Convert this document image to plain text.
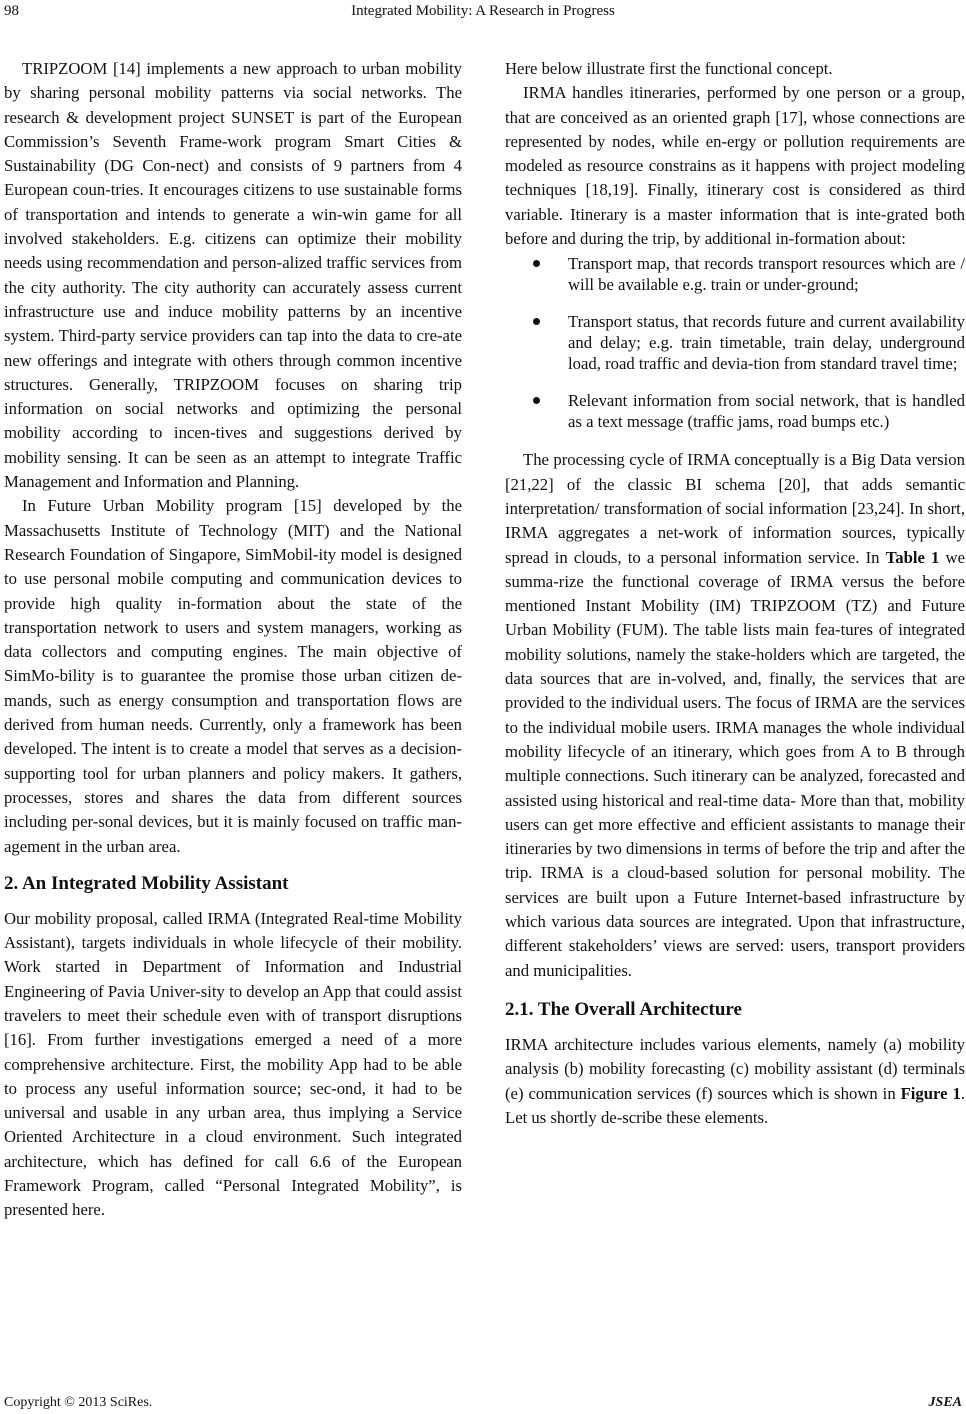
98	Integrated Mobility: A Research in Progress

TRIPZOOM [14] implements a new approach to urban mobility by sharing personal mobility patterns via social networks. The research & development project SUNSET is part of the European Commission’s Seventh Frame-work program Smart Cities & Sustainability (DG Con-nect) and consists of 9 partners from 4 European coun-tries. It encourages citizens to use sustainable forms of transportation and intends to generate a win-win game for all involved stakeholders. E.g. citizens can optimize their mobility needs using recommendation and person-alized traffic services from the city authority. The city authority can accurately assess current infrastructure use and induce mobility patterns by an incentive system. Third-party service providers can tap into the data to cre-ate new offerings and integrate with others through common incentive structures. Generally, TRIPZOOM focuses on sharing trip information on social networks and optimizing the personal mobility according to incen-tives and suggestions derived by mobility sensing. It can be seen as an attempt to integrate Traffic Management and Information and Planning.

In Future Urban Mobility program [15] developed by the Massachusetts Institute of Technology (MIT) and the National Research Foundation of Singapore, SimMobil-ity model is designed to use personal mobile computing and communication devices to provide high quality in-formation about the state of the transportation network to users and system managers, working as data collectors and computing engines. The main objective of SimMo-bility is to guarantee the promise those urban citizen de-mands, such as energy consumption and transportation flows are derived from human needs. Currently, only a framework has been developed. The intent is to create a model that serves as a decision-supporting tool for urban planners and policy makers. It gathers, processes, stores and shares the data from different sources including per-sonal devices, but it is mainly focused on traffic man-agement in the urban area.

2. An Integrated Mobility Assistant

Our mobility proposal, called IRMA (Integrated Real-time Mobility Assistant), targets individuals in whole lifecycle of their mobility. Work started in Department of Information and Industrial Engineering of Pavia Univer-sity to develop an App that could assist travelers to meet their schedule even with of transport disruptions [16]. From further investigations emerged a need of a more comprehensive architecture. First, the mobility App had to be able to process any useful information source; sec-ond, it had to be universal and usable in any urban area, thus implying a Service Oriented Architecture in a cloud environment. Such integrated architecture, which has defined for call 6.6 of the European Framework Program, called “Personal Integrated Mobility”, is presented here.

Here below illustrate first the functional concept.

IRMA handles itineraries, performed by one person or a group, that are conceived as an oriented graph [17], whose connections are represented by nodes, while en-ergy or pollution requirements are modeled as resource constrains as it happens with project modeling techniques [18,19]. Finally, itinerary cost is considered as third variable. Itinerary is a master information that is inte-grated both before and during the trip, by additional in-formation about:

Transport map, that records transport resources which are / will be available e.g. train or under-ground;
Transport status, that records future and current availability and delay; e.g. train timetable, train delay, underground load, road traffic and devia-tion from standard travel time;
Relevant information from social network, that is handled as a text message (traffic jams, road bumps etc.)

The processing cycle of IRMA conceptually is a Big Data version [21,22] of the classic BI schema [20], that adds semantic interpretation/ transformation of social information [23,24]. In short, IRMA aggregates a net-work of information sources, typically spread in clouds, to a personal information service. In Table 1 we summa-rize the functional coverage of IRMA versus the before mentioned Instant Mobility (IM) TRIPZOOM (TZ) and Future Urban Mobility (FUM). The table lists main fea-tures of integrated mobility solutions, namely the stake-holders which are targeted, the data sources that are in-volved, and, finally, the services that are provided to the individual users. The focus of IRMA are the services to the individual mobile users. IRMA manages the whole individual mobility lifecycle of an itinerary, which goes from A to B through multiple connections. Such itinerary can be analyzed, forecasted and assisted using historical and real-time data- More than that, mobility users can get more effective and efficient assistants to manage their itineraries by two dimensions in terms of before the trip and after the trip. IRMA is a cloud-based solution for personal mobility. The services are built upon a Future Internet-based infrastructure by which various data sources are integrated. Upon that infrastructure, different stakeholders’ views are served: users, transport providers and municipalities.

2.1. The Overall Architecture

IRMA architecture includes various elements, namely (a) mobility analysis (b) mobility forecasting (c) mobility assistant (d) terminals (e) communication services (f) sources which is shown in Figure 1. Let us shortly de-scribe these elements.

Copyright © 2013 SciRes.	JSEA
